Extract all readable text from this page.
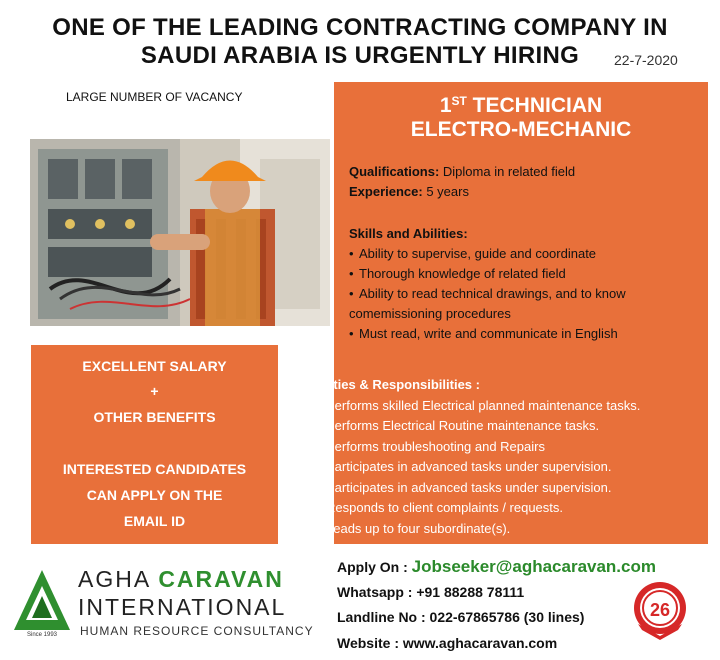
ONE OF THE LEADING CONTRACTING COMPANY IN
SAUDI ARABIA IS URGENTLY HIRING	22-7-2020
LARGE NUMBER OF VACANCY	1ST TECHNICIAN
ELECTRO-MECHANIC
Qualifications: Diploma in related field
Experience: 5 years
Skills and Abilities:
• Ability to supervise, guide and coordinate
• Thorough knowledge of related field
• Ability to read technical drawings, and to know
comemissioning procedures
• Must read, write and communicate in English
Duties & Responsibilities :
• Performs skilled Electrical planned maintenance tasks.
• Performs Electrical Routine maintenance tasks.
• Performs troubleshooting and Repairs
• Participates in advanced tasks under supervision.
• Participates in advanced tasks under supervision.
• Responds to client complaints / requests.
• Leads up to four subordinate(s).
EXCELLENT SALARY
+
OTHER BENEFITS
INTERESTED CANDIDATES
CAN APPLY ON THE
EMAIL ID
Since 1993
AGHA CARAVAN
INTERNATIONAL
HUMAN RESOURCE CONSULTANCY
Apply On : Jobseeker@aghacaravan.com
Whatsapp : +91 88288 78111
Landline No : 022-67865786 (30 lines)
Website : www.aghacaravan.com
26
